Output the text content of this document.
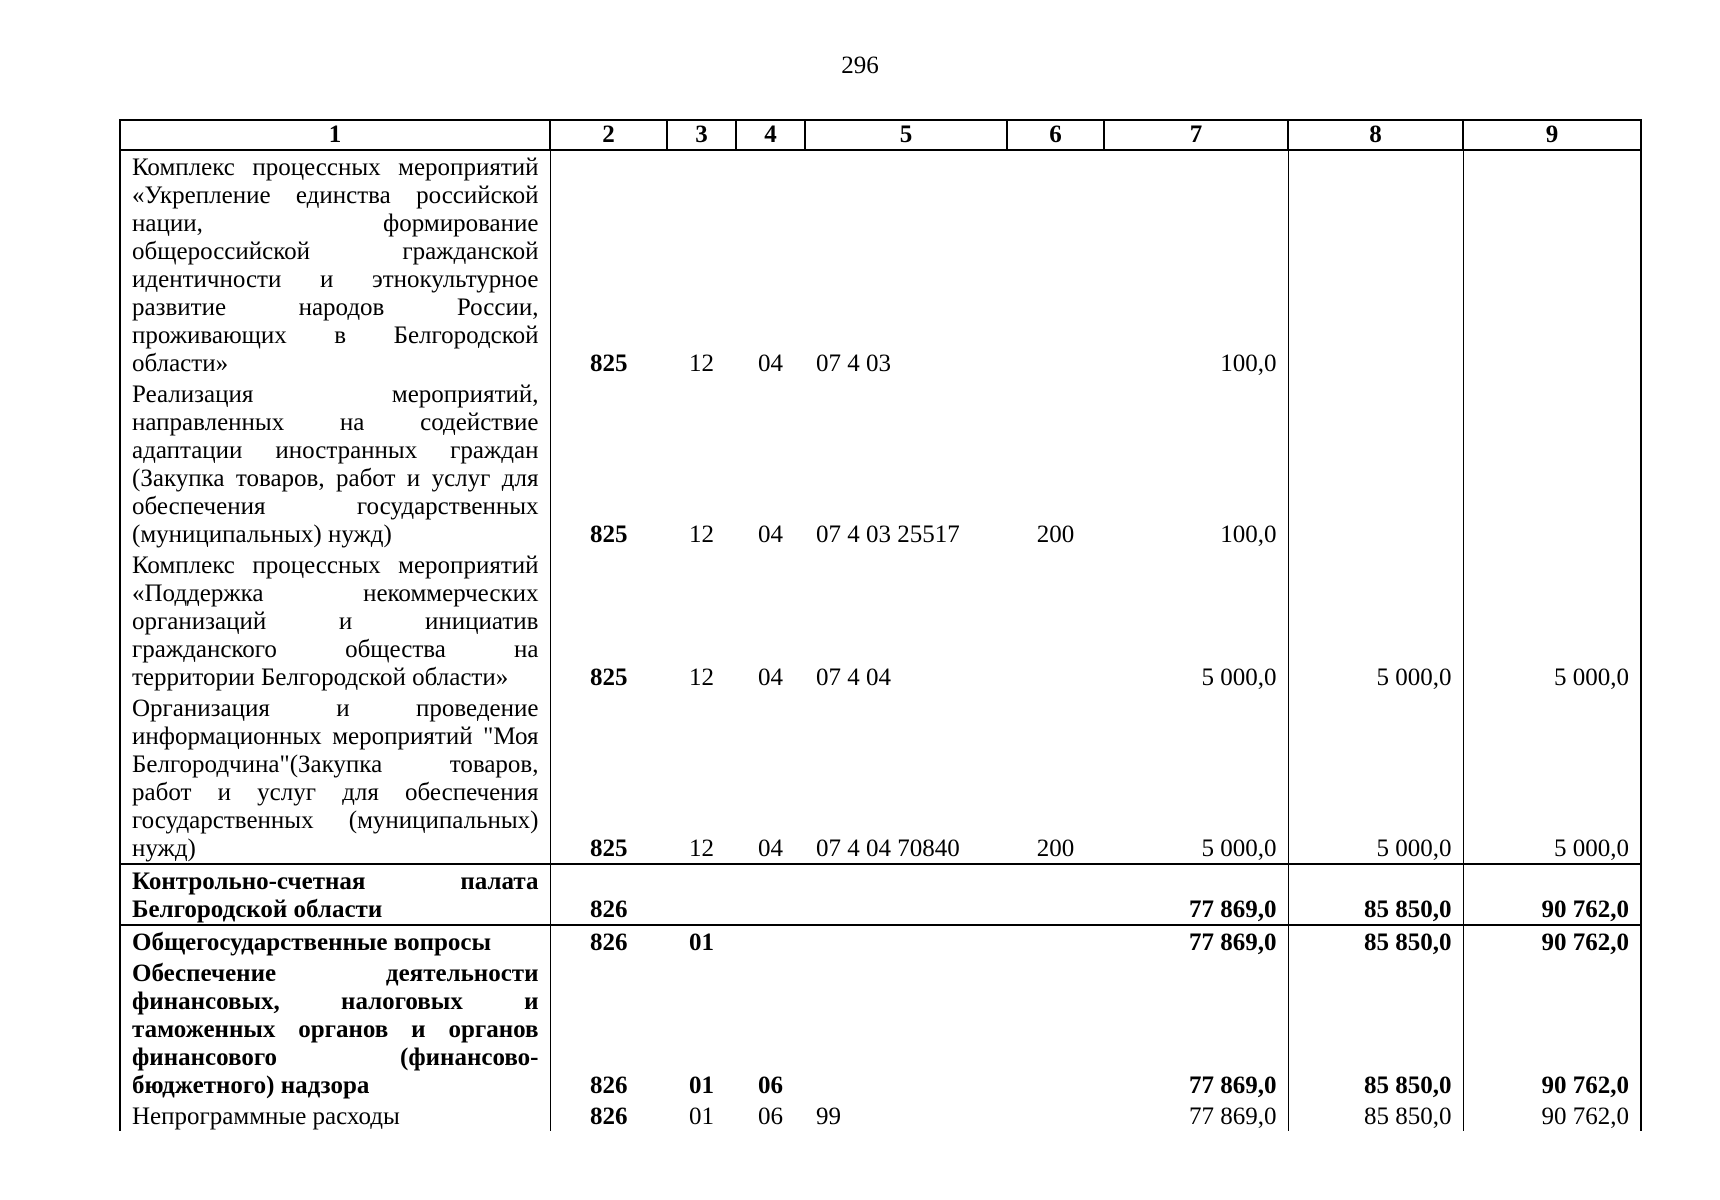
296
1	2	3	4	5	6	7	8	9
Комплекс процессных мероприятий «Укрепление единства российской нации, формирование общероссийской гражданской идентичности и этнокультурное развитие народов России, проживающих в Белгородской области»	825	12	04	07 4 03		100,0		
Реализация мероприятий, направленных на содействие адаптации иностранных граждан (Закупка товаров, работ и услуг для обеспечения государственных (муниципальных) нужд)	825	12	04	07 4 03 25517	200	100,0		
Комплекс процессных мероприятий «Поддержка некоммерческих организаций и инициатив гражданского общества на территории Белгородской области»	825	12	04	07 4 04		5 000,0	5 000,0	5 000,0
Организация и проведение информационных мероприятий "Моя Белгородчина"(Закупка товаров, работ и услуг для обеспечения государственных (муниципальных) нужд)	825	12	04	07 4 04 70840	200	5 000,0	5 000,0	5 000,0
Контрольно-счетная палата Белгородской области	826					77 869,0	85 850,0	90 762,0
Общегосударственные вопросы	826	01				77 869,0	85 850,0	90 762,0
Обеспечение деятельности финансовых, налоговых и таможенных органов и органов финансового (финансово-бюджетного) надзора	826	01	06			77 869,0	85 850,0	90 762,0
Непрограммные расходы	826	01	06	99		77 869,0	85 850,0	90 762,0
